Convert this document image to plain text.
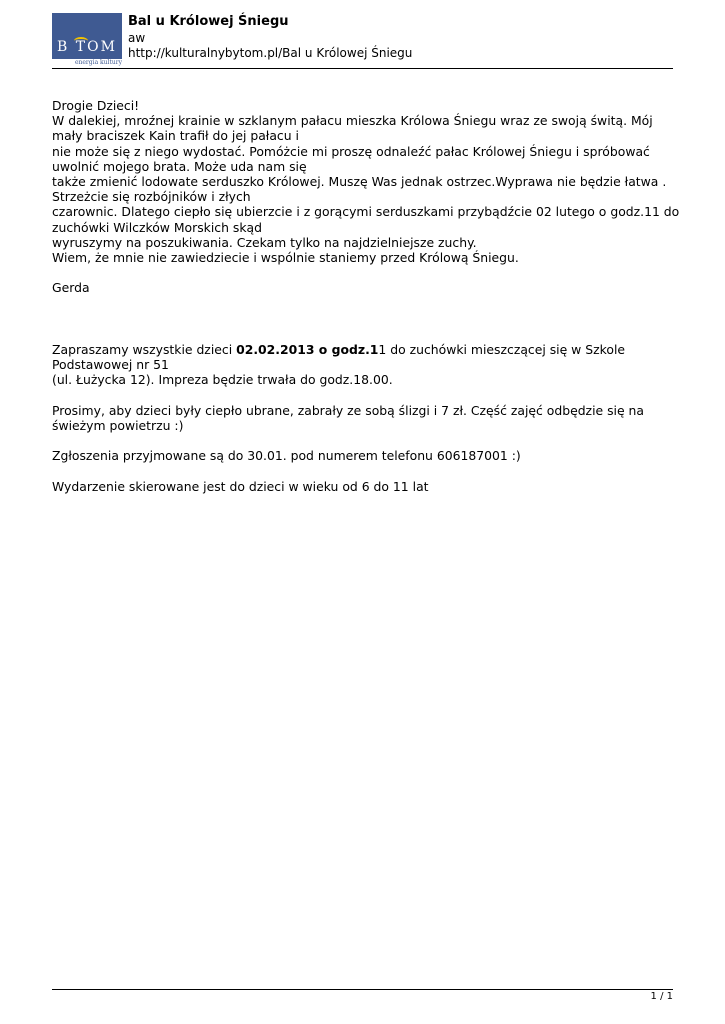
B TOM
energia kultury
Bal u Królowej Śniegu
aw
http://kulturalnybytom.pl/Bal u Królowej Śniegu
Drogie Dzieci!
W dalekiej, mroźnej krainie w szklanym pałacu mieszka Królowa Śniegu wraz ze swoją świtą. Mój
mały braciszek Kain trafił do jej pałacu i
nie może się z niego wydostać. Pomóżcie mi proszę odnaleźć pałac Królowej Śniegu i spróbować
uwolnić mojego brata. Może uda nam się
także zmienić lodowate serduszko Królowej. Muszę Was jednak ostrzec.Wyprawa nie będzie łatwa .
Strzeżcie się rozbójników i złych
czarownic. Dlatego ciepło się ubierzcie i z gorącymi serduszkami przybądźcie 02 lutego o godz.11 do
zuchówki Wilczków Morskich skąd
wyruszymy na poszukiwania. Czekam tylko na najdzielniejsze zuchy.
Wiem, że mnie nie zawiedziecie i wspólnie staniemy przed Królową Śniegu.
Gerda
Zapraszamy wszystkie dzieci 02.02.2013 o godz.11 do zuchówki mieszczącej się w Szkole
Podstawowej nr 51
(ul. Łużycka 12). Impreza będzie trwała do godz.18.00.
Prosimy, aby dzieci były ciepło ubrane, zabrały ze sobą ślizgi i 7 zł. Część zajęć odbędzie się na
świeżym powietrzu :)
Zgłoszenia przyjmowane są do 30.01. pod numerem telefonu 606187001 :)
Wydarzenie skierowane jest do dzieci w wieku od 6 do 11 lat
1 / 1
